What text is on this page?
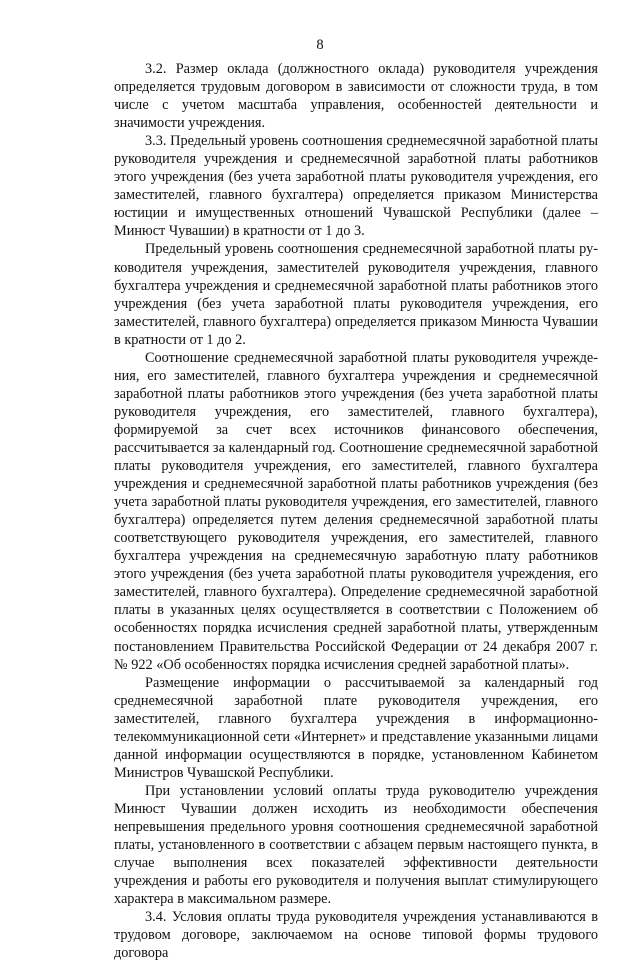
8

3.2. Размер оклада (должностного оклада) руководителя учреждения определяется трудовым договором в зависимости от сложности труда, в том числе с учетом масштаба управления, особенностей деятельности и значимости учреждения.

3.3. Предельный уровень соотношения среднемесячной заработной платы руководителя учреждения и среднемесячной заработной платы работников этого учреждения (без учета заработной платы руководителя учреждения, его заместителей, главного бухгалтера) определяется приказом Министерства юстиции и имущественных отношений Чувашской Республики (далее – Минюст Чувашии) в кратности от 1 до 3.

Предельный уровень соотношения среднемесячной заработной платы руководителя учреждения, заместителей руководителя учреждения, главного бухгалтера учреждения и среднемесячной заработной платы работников этого учреждения (без учета заработной платы руководителя учреждения, его заместителей, главного бухгалтера) определяется приказом Минюста Чувашии в кратности от 1 до 2.

Соотношение среднемесячной заработной платы руководителя учреждения, его заместителей, главного бухгалтера учреждения и среднемесячной заработной платы работников этого учреждения (без учета заработной платы руководителя учреждения, его заместителей, главного бухгалтера), формируемой за счет всех источников финансового обеспечения, рассчитывается за календарный год. Соотношение среднемесячной заработной платы руководителя учреждения, его заместителей, главного бухгалтера учреждения и среднемесячной заработной платы работников учреждения (без учета заработной платы руководителя учреждения, его заместителей, главного бухгалтера) определяется путем деления среднемесячной заработной платы соответствующего руководителя учреждения, его заместителей, главного бухгалтера учреждения на среднемесячную заработную плату работников этого учреждения (без учета заработной платы руководителя учреждения, его заместителей, главного бухгалтера). Определение среднемесячной заработной платы в указанных целях осуществляется в соответствии с Положением об особенностях порядка исчисления средней заработной платы, утвержденным постановлением Правительства Российской Федерации от 24 декабря 2007 г. № 922 «Об особенностях порядка исчисления средней заработной платы».

Размещение информации о рассчитываемой за календарный год среднемесячной заработной плате руководителя учреждения, его заместителей, главного бухгалтера учреждения в информационно-телекоммуникационной сети «Интернет» и представление указанными лицами данной информации осуществляются в порядке, установленном Кабинетом Министров Чувашской Республики.

При установлении условий оплаты труда руководителю учреждения Минюст Чувашии должен исходить из необходимости обеспечения непревышения предельного уровня соотношения среднемесячной заработной платы, установленного в соответствии с абзацем первым настоящего пункта, в случае выполнения всех показателей эффективности деятельности учреждения и работы его руководителя и получения выплат стимулирующего характера в максимальном размере.

3.4. Условия оплаты труда руководителя учреждения устанавливаются в трудовом договоре, заключаемом на основе типовой формы трудового договора
